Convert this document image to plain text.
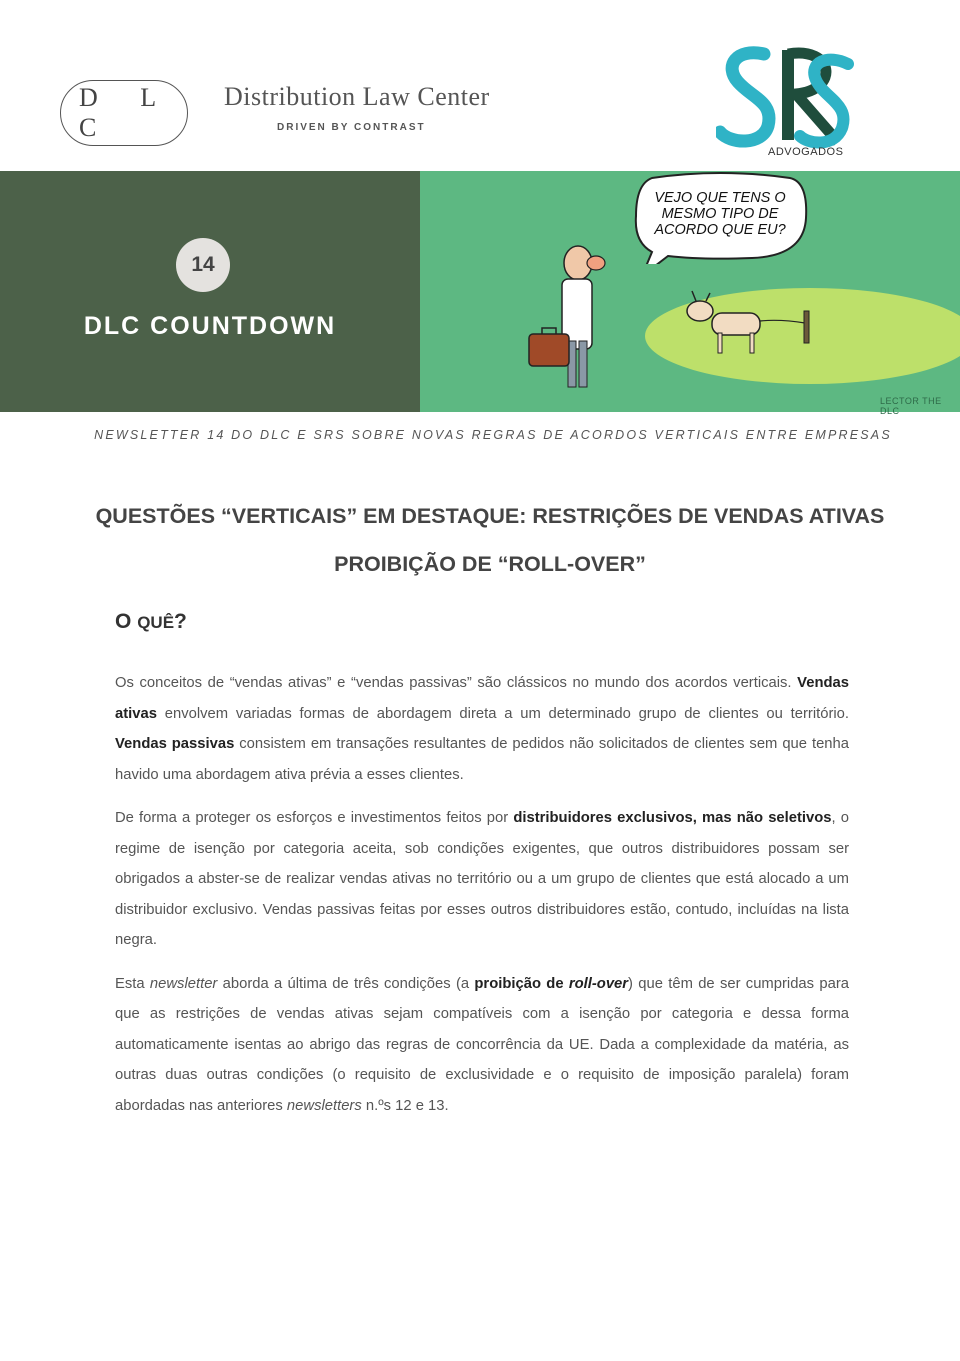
D L C
Distribution Law Center
DRIVEN BY CONTRAST
ADVOGADOS
14
DLC COUNTDOWN
VEJO QUE TENS O MESMO TIPO DE ACORDO QUE EU?
LECTOR THE DLC
NEWSLETTER 14 DO DLC E SRS SOBRE NOVAS REGRAS DE ACORDOS VERTICAIS ENTRE EMPRESAS
QUESTÕES “VERTICAIS” EM DESTAQUE: RESTRIÇÕES DE VENDAS ATIVAS
PROIBIÇÃO DE “ROLL-OVER”
O QUÊ?

Os conceitos de “vendas ativas” e “vendas passivas” são clássicos no mundo dos acordos verticais. Vendas ativas envolvem variadas formas de abordagem direta a um determinado grupo de clientes ou território. Vendas passivas consistem em transações resultantes de pedidos não solicitados de clientes sem que tenha havido uma abordagem ativa prévia a esses clientes.

De forma a proteger os esforços e investimentos feitos por distribuidores exclusivos, mas não seletivos, o regime de isenção por categoria aceita, sob condições exigentes, que outros distribuidores possam ser obrigados a abster-se de realizar vendas ativas no território ou a um grupo de clientes que está alocado a um distribuidor exclusivo. Vendas passivas feitas por esses outros distribuidores estão, contudo, incluídas na lista negra.

Esta newsletter aborda a última de três condições (a proibição de roll-over) que têm de ser cumpridas para que as restrições de vendas ativas sejam compatíveis com a isenção por categoria e dessa forma automaticamente isentas ao abrigo das regras de concorrência da UE. Dada a complexidade da matéria, as outras duas outras condições (o requisito de exclusividade e o requisito de imposição paralela) foram abordadas nas anteriores newsletters n.ºs 12 e 13.
